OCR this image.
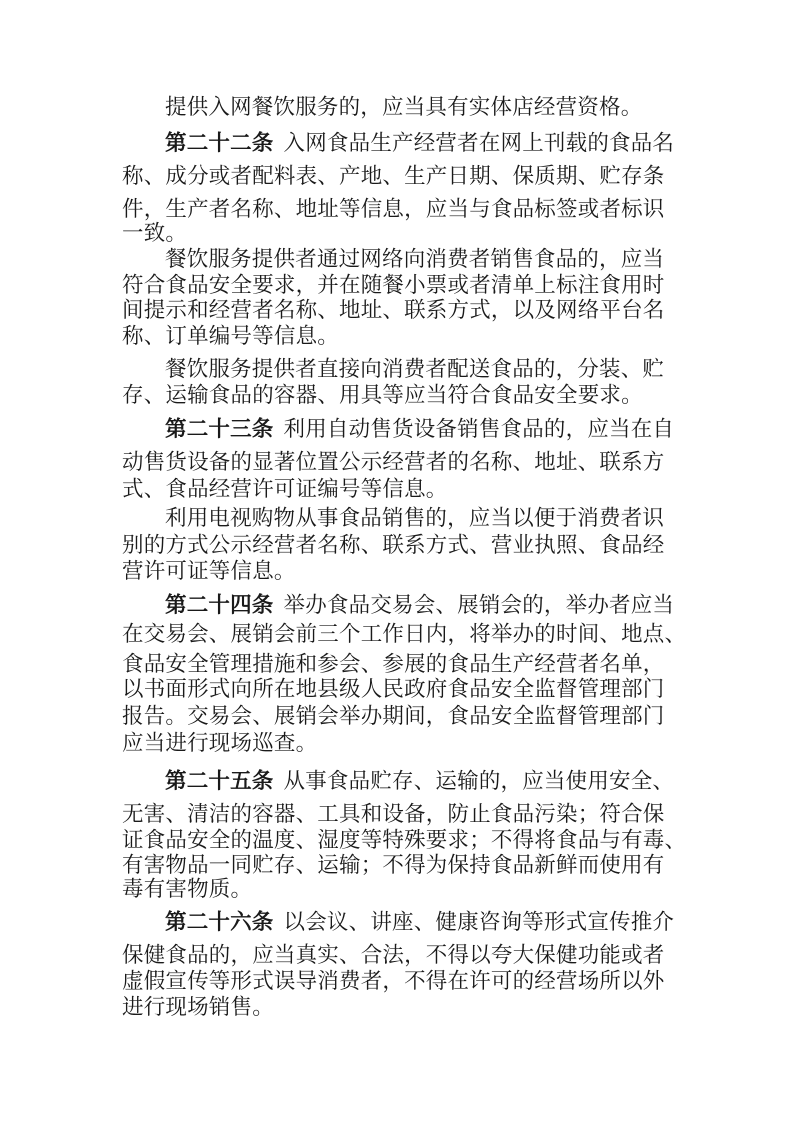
提供入网餐饮服务的，应当具有实体店经营资格。
第二十二条 入网食品生产经营者在网上刊载的食品名
称、成分或者配料表、产地、生产日期、保质期、贮存条
件，生产者名称、地址等信息，应当与食品标签或者标识
一致。
餐饮服务提供者通过网络向消费者销售食品的，应当
符合食品安全要求，并在随餐小票或者清单上标注食用时
间提示和经营者名称、地址、联系方式，以及网络平台名
称、订单编号等信息。
餐饮服务提供者直接向消费者配送食品的，分装、贮
存、运输食品的容器、用具等应当符合食品安全要求。
第二十三条 利用自动售货设备销售食品的，应当在自
动售货设备的显著位置公示经营者的名称、地址、联系方
式、食品经营许可证编号等信息。
利用电视购物从事食品销售的，应当以便于消费者识
别的方式公示经营者名称、联系方式、营业执照、食品经
营许可证等信息。
第二十四条 举办食品交易会、展销会的，举办者应当
在交易会、展销会前三个工作日内，将举办的时间、地点、
食品安全管理措施和参会、参展的食品生产经营者名单，
以书面形式向所在地县级人民政府食品安全监督管理部门
报告。交易会、展销会举办期间，食品安全监督管理部门
应当进行现场巡查。
第二十五条 从事食品贮存、运输的，应当使用安全、
无害、清洁的容器、工具和设备，防止食品污染；符合保
证食品安全的温度、湿度等特殊要求；不得将食品与有毒、
有害物品一同贮存、运输；不得为保持食品新鲜而使用有
毒有害物质。
第二十六条 以会议、讲座、健康咨询等形式宣传推介
保健食品的，应当真实、合法，不得以夸大保健功能或者
虚假宣传等形式误导消费者，不得在许可的经营场所以外
进行现场销售。
